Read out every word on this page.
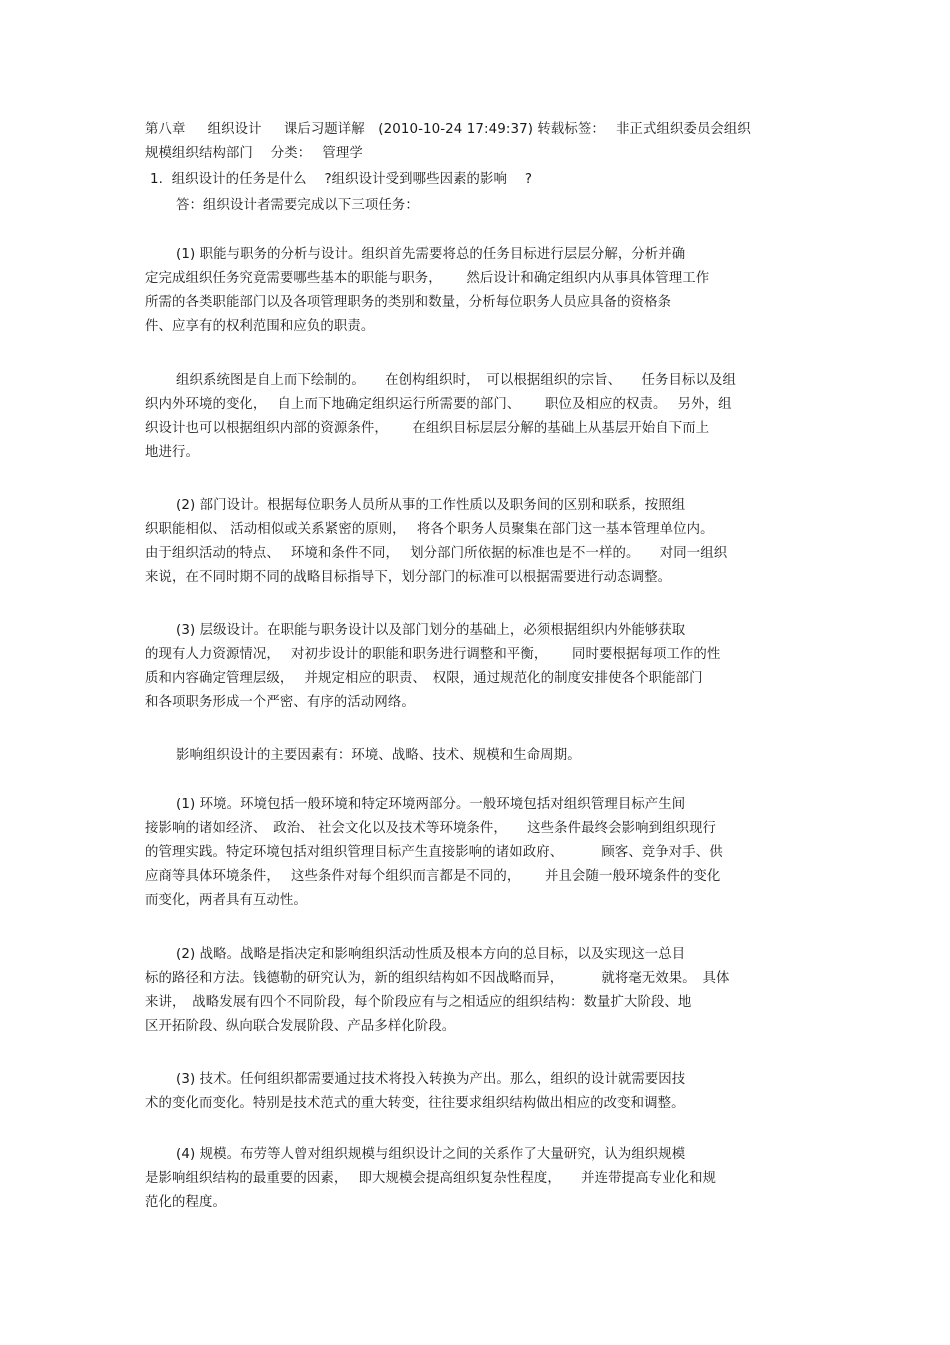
第八章　  组织设计　  课后习题详解　(2010-10-24 17:49:37) 转载标签：　 非正式组织委员会组织
规模组织结构部门　 分类：　 管理学
1.  组织设计的任务是什么　 ?组织设计受到哪些因素的影响　 ?
答：组织设计者需要完成以下三项任务：
(1) 职能与职务的分析与设计。组织首先需要将总的任务目标进行层层分解，分析并确
定完成组织任务究竟需要哪些基本的职能与职务，　　 然后设计和确定组织内从事具体管理工作
所需的各类职能部门以及各项管理职务的类别和数量，分析每位职务人员应具备的资格条
件、应享有的权利范围和应负的职责。
组织系统图是自上而下绘制的。　　在创构组织时，　可以根据组织的宗旨、　　任务目标以及组
织内外环境的变化，　 自上而下地确定组织运行所需要的部门、　　 职位及相应的权责。　 另外，组
织设计也可以根据组织内部的资源条件，　　 在组织目标层层分解的基础上从基层开始自下而上
地进行。
(2) 部门设计。根据每位职务人员所从事的工作性质以及职务间的区别和联系，按照组
织职能相似、 活动相似或关系紧密的原则，　 将各个职务人员聚集在部门这一基本管理单位内。
由于组织活动的特点、　 环境和条件不同，　 划分部门所依据的标准也是不一样的。　　对同一组织
来说，在不同时期不同的战略目标指导下，划分部门的标准可以根据需要进行动态调整。
(3) 层级设计。在职能与职务设计以及部门划分的基础上，必须根据组织内外能够获取
的现有人力资源情况，　 对初步设计的职能和职务进行调整和平衡，　　 同时要根据每项工作的性
质和内容确定管理层级，　 并规定相应的职责、　权限，通过规范化的制度安排使各个职能部门
和各项职务形成一个严密、有序的活动网络。
影响组织设计的主要因素有：环境、战略、技术、规模和生命周期。
(1) 环境。环境包括一般环境和特定环境两部分。一般环境包括对组织管理目标产生间
接影响的诸如经济、　政治、 社会文化以及技术等环境条件，　　这些条件最终会影响到组织现行
的管理实践。特定环境包括对组织管理目标产生直接影响的诸如政府、　　　 顾客、竞争对手、供
应商等具体环境条件，　 这些条件对每个组织而言都是不同的，　　 并且会随一般环境条件的变化
而变化，两者具有互动性。
(2) 战略。战略是指决定和影响组织活动性质及根本方向的总目标，以及实现这一总目
标的路径和方法。钱德勒的研究认为，新的组织结构如不因战略而异，　　　 就将毫无效果。　具体
来讲，　战略发展有四个不同阶段，每个阶段应有与之相适应的组织结构：数量扩大阶段、地
区开拓阶段、纵向联合发展阶段、产品多样化阶段。
(3) 技术。任何组织都需要通过技术将投入转换为产出。那么，组织的设计就需要因技
术的变化而变化。特别是技术范式的重大转变，往往要求组织结构做出相应的改变和调整。
(4) 规模。布劳等人曾对组织规模与组织设计之间的关系作了大量研究，认为组织规模
是影响组织结构的最重要的因素，　 即大规模会提高组织复杂性程度，　　并连带提高专业化和规
范化的程度。
